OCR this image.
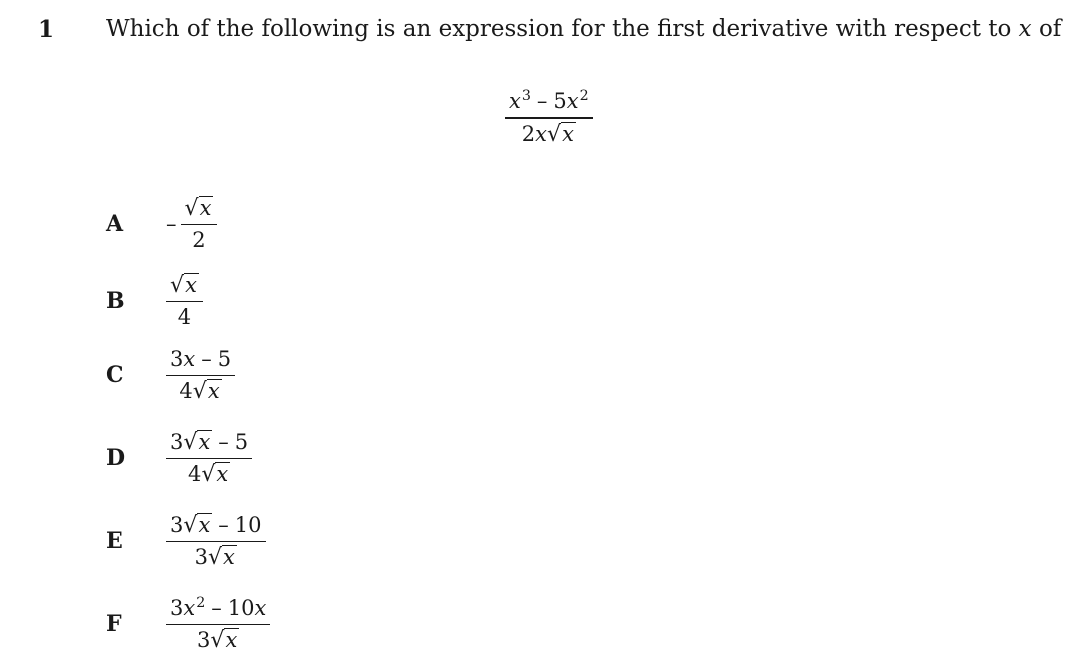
1 Which of the following is an expression for the first derivative with respect to x of
$x^3 - 5x^2$
2x √ x
A	– $\frac{√ x}{2}$
B	$\frac{√ x}{4}$
C	$\frac{3x - 5}{4 √ x}$
D	$\frac{3 √ x - 5}{4 √ x}$
E	$\frac{3 √ x - 10}{3 √ x}$
F	$\frac{3x^2 - 10x}{3 √ x}$
